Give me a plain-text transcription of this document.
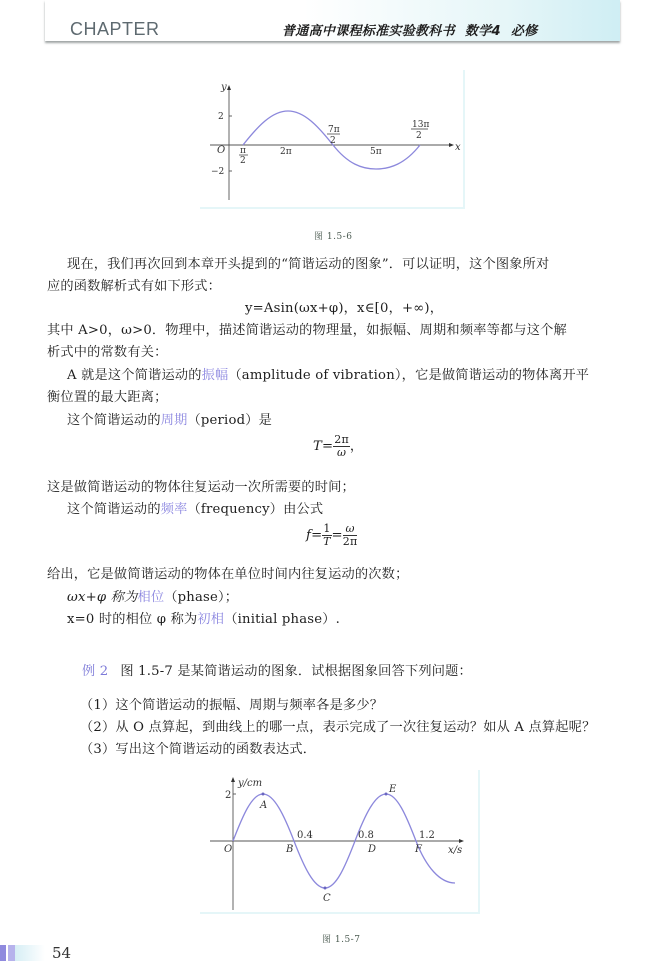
CHAPTER	普通高中课程标准实验教科书 数学4 必修
y
x
O
2
−2
π
2
2π
7π
2
5π
13π
2
图 1.5-6
现在，我们再次回到本章开头提到的“简谐运动的图象”．可以证明，这个图象所对
应的函数解析式有如下形式：
y=Asin(ωx+φ)，x∈[0，+∞)，
其中 A>0，ω>0．物理中，描述简谐运动的物理量，如振幅、周期和频率等都与这个解
析式中的常数有关：
A 就是这个简谐运动的振幅（amplitude of vibration），它是做简谐运动的物体离开平
衡位置的最大距离；
这个简谐运动的周期（period）是
$T= \frac{2\pi}{\omega}$ ，
这是做简谐运动的物体往复运动一次所需要的时间；
这个简谐运动的频率（frequency）由公式
$f= \frac{1}{T} = \frac{\omega}{2\pi}$
给出，它是做简谐运动的物体在单位时间内往复运动的次数；
ωx+φ 称为相位（phase）；
x=0 时的相位 φ 称为初相（initial phase）.
例 2 图 1.5-7 是某简谐运动的图象．试根据图象回答下列问题：
（1）这个简谐运动的振幅、周期与频率各是多少？
（2）从 O 点算起，到曲线上的哪一点，表示完成了一次往复运动？如从 A 点算起呢？
（3）写出这个简谐运动的函数表达式．
y/cm
x/s
O
2
0.4	0.8	1.2
A
B
C
D
E
F
图 1.5-7
54
